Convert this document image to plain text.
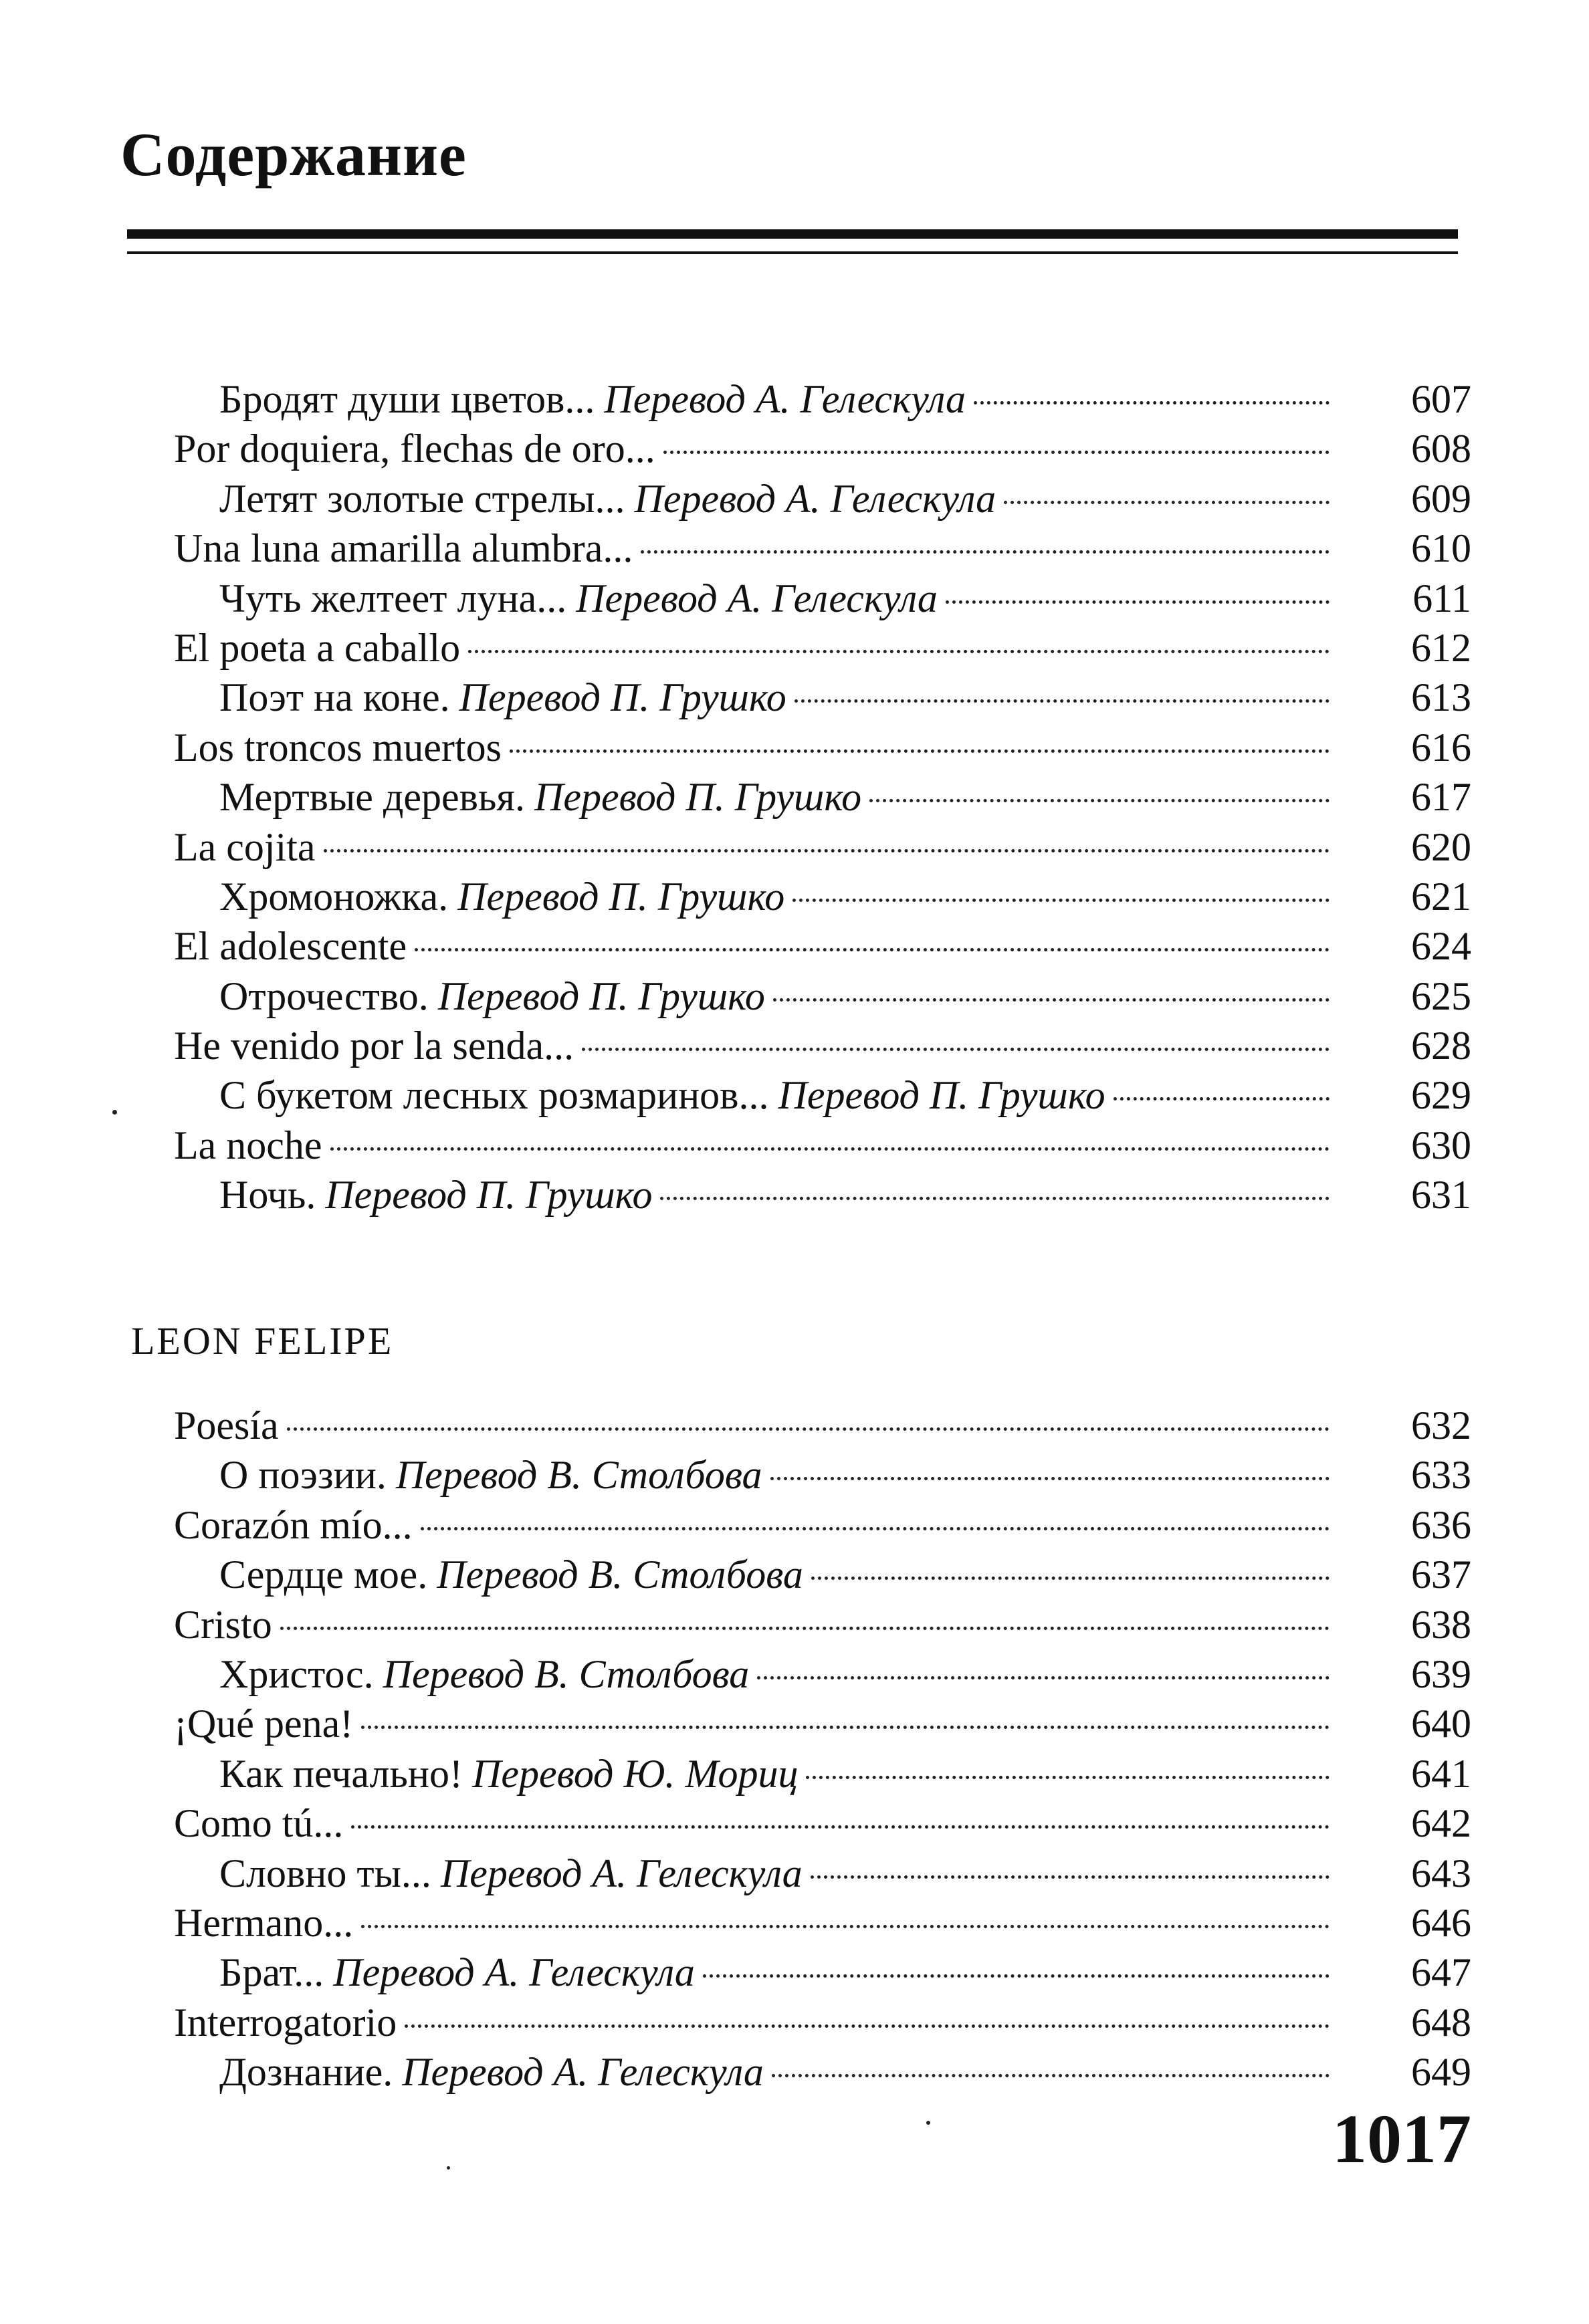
Содержание
Бродят души цветов... Перевод А. Гелескула	607
Por doquiera, flechas de oro...	608
Летят золотые стрелы... Перевод А. Гелескула	609
Una luna amarilla alumbra...	610
Чуть желтеет луна... Перевод А. Гелескула	611
El poeta a caballo	612
Поэт на коне. Перевод П. Грушко	613
Los troncos muertos	616
Мертвые деревья. Перевод П. Грушко	617
La cojita	620
Хромоножка. Перевод П. Грушко	621
El adolescente	624
Отрочество. Перевод П. Грушко	625
He venido por la senda...	628
С букетом лесных розмаринов... Перевод П. Грушко	629
La noche	630
Ночь. Перевод П. Грушко	631
LEON FELIPE
Poesía	632
О поэзии. Перевод В. Столбова	633
Corazón mío...	636
Сердце мое. Перевод В. Столбова	637
Cristo	638
Христос. Перевод В. Столбова	639
¡Qué pena!	640
Как печально! Перевод Ю. Мориц	641
Como tú...	642
Словно ты... Перевод А. Гелескула	643
Hermano...	646
Брат... Перевод А. Гелескула	647
Interrogatorio	648
Дознание. Перевод А. Гелескула	649
1017
